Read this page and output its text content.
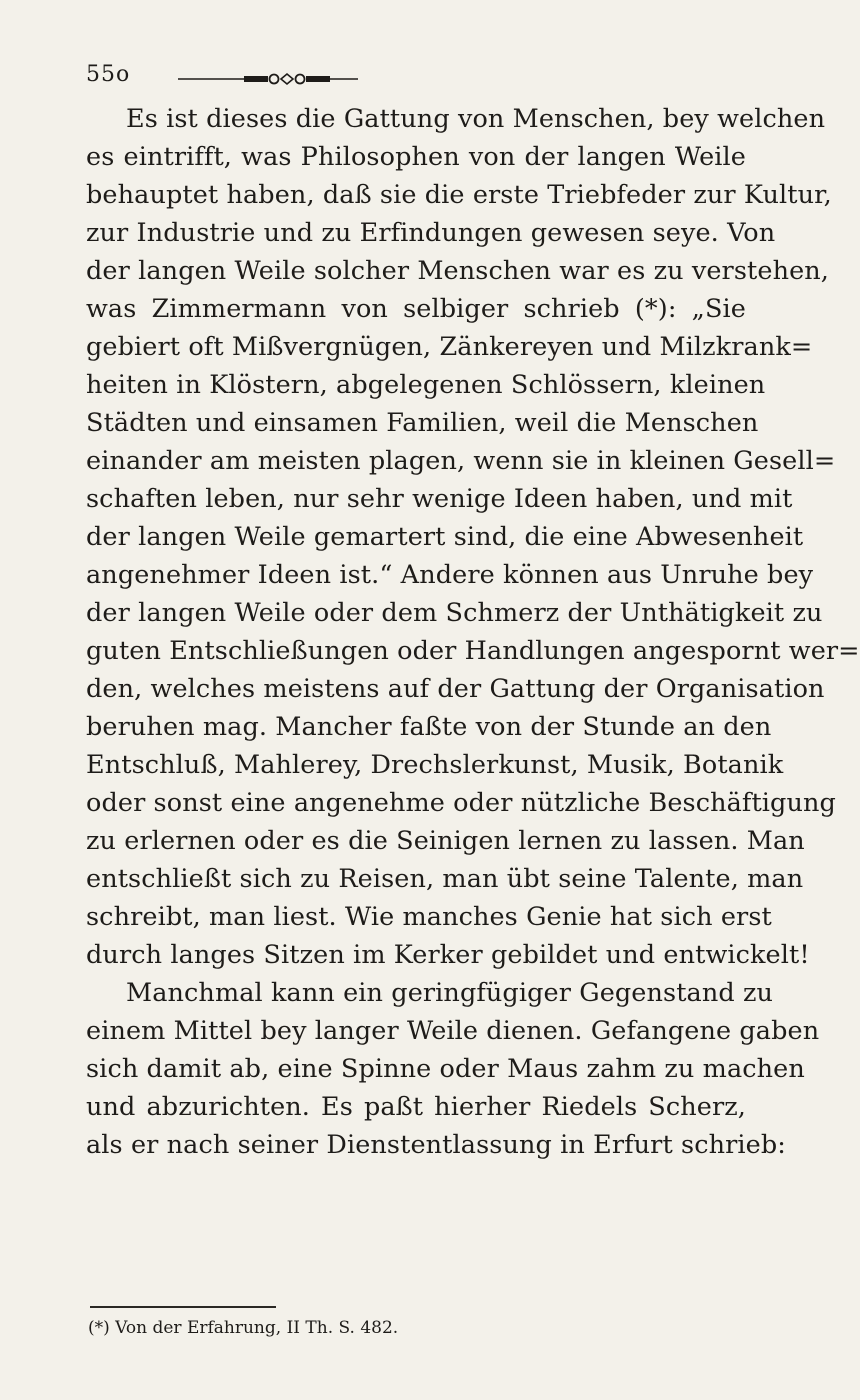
55o
Es ist dieses die Gattung von Menschen, bey welchen
es eintrifft, was Philosophen von der langen Weile
behauptet haben, daß sie die erste Triebfeder zur Kultur,
zur Industrie und zu Erfindungen gewesen seye. Von
der langen Weile solcher Menschen war es zu verstehen,
was Zimmermann von selbiger schrieb (*): „Sie
gebiert oft Mißvergnügen, Zänkereyen und Milzkrank=
heiten in Klöstern, abgelegenen Schlössern, kleinen
Städten und einsamen Familien, weil die Menschen
einander am meisten plagen, wenn sie in kleinen Gesell=
schaften leben, nur sehr wenige Ideen haben, und mit
der langen Weile gemartert sind, die eine Abwesenheit
angenehmer Ideen ist.“ Andere können aus Unruhe bey
der langen Weile oder dem Schmerz der Unthätigkeit zu
guten Entschließungen oder Handlungen angespornt wer=
den, welches meistens auf der Gattung der Organisation
beruhen mag. Mancher faßte von der Stunde an den
Entschluß, Mahlerey, Drechslerkunst, Musik, Botanik
oder sonst eine angenehme oder nützliche Beschäftigung
zu erlernen oder es die Seinigen lernen zu lassen. Man
entschließt sich zu Reisen, man übt seine Talente, man
schreibt, man liest. Wie manches Genie hat sich erst
durch langes Sitzen im Kerker gebildet und entwickelt!
Manchmal kann ein geringfügiger Gegenstand zu
einem Mittel bey langer Weile dienen. Gefangene gaben
sich damit ab, eine Spinne oder Maus zahm zu machen
und abzurichten. Es paßt hierher Riedels Scherz,
als er nach seiner Dienstentlassung in Erfurt schrieb:
(*) Von der Erfahrung, II Th. S. 482.
